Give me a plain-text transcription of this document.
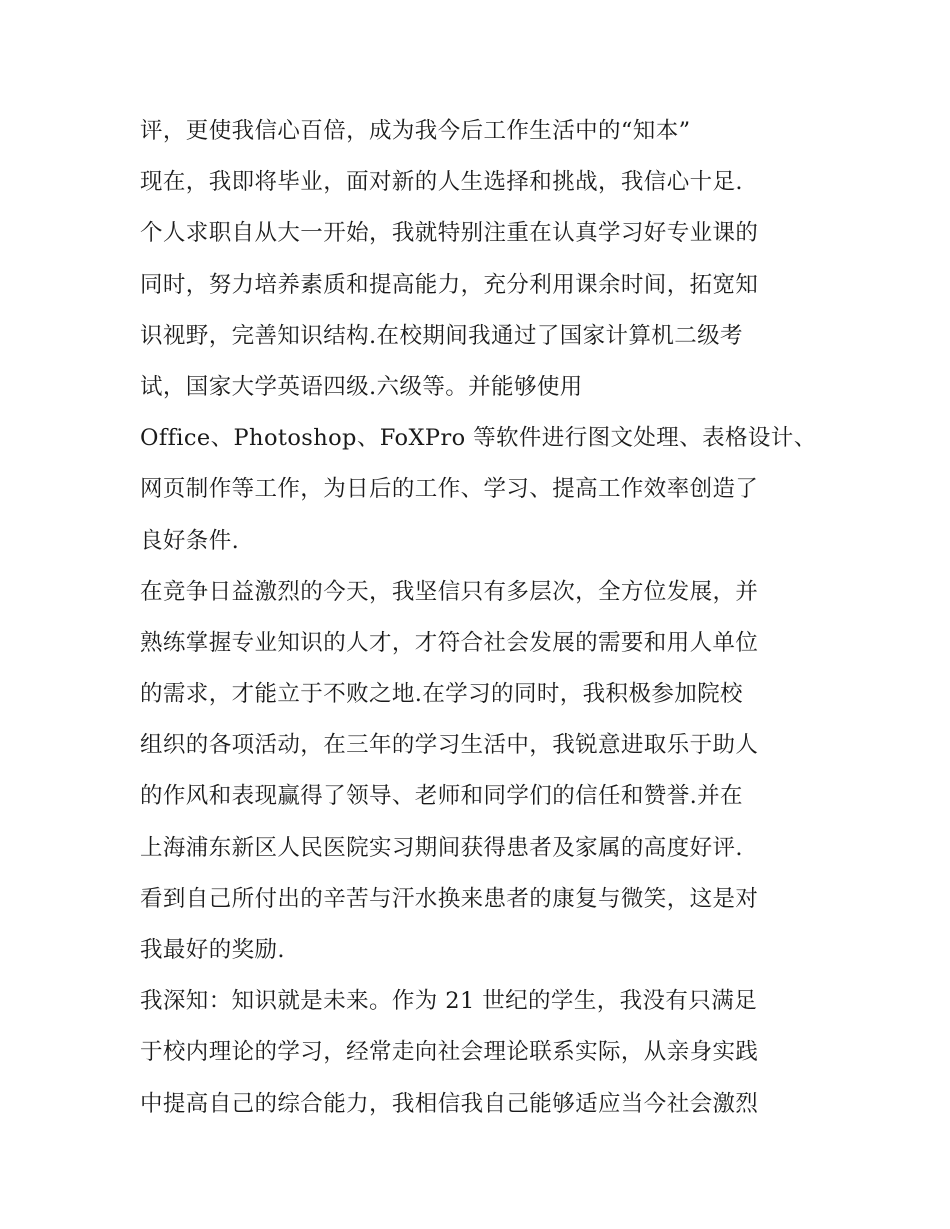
评，更使我信心百倍，成为我今后工作生活中的“知本”
现在，我即将毕业，面对新的人生选择和挑战，我信心十足.
个人求职自从大一开始，我就特别注重在认真学习好专业课的
同时，努力培养素质和提高能力，充分利用课余时间，拓宽知
识视野，完善知识结构.在校期间我通过了国家计算机二级考
试，国家大学英语四级.六级等。并能够使用
Office、Photoshop、FoXPro 等软件进行图文处理、表格设计、
网页制作等工作，为日后的工作、学习、提高工作效率创造了
良好条件.
在竞争日益激烈的今天，我坚信只有多层次，全方位发展，并
熟练掌握专业知识的人才，才符合社会发展的需要和用人单位
的需求，才能立于不败之地.在学习的同时，我积极参加院校
组织的各项活动，在三年的学习生活中，我锐意进取乐于助人
的作风和表现赢得了领导、老师和同学们的信任和赞誉.并在
上海浦东新区人民医院实习期间获得患者及家属的高度好评.
看到自己所付出的辛苦与汗水换来患者的康复与微笑，这是对
我最好的奖励.
我深知：知识就是未来。作为 21 世纪的学生，我没有只满足
于校内理论的学习，经常走向社会理论联系实际，从亲身实践
中提高自己的综合能力，我相信我自己能够适应当今社会激烈
